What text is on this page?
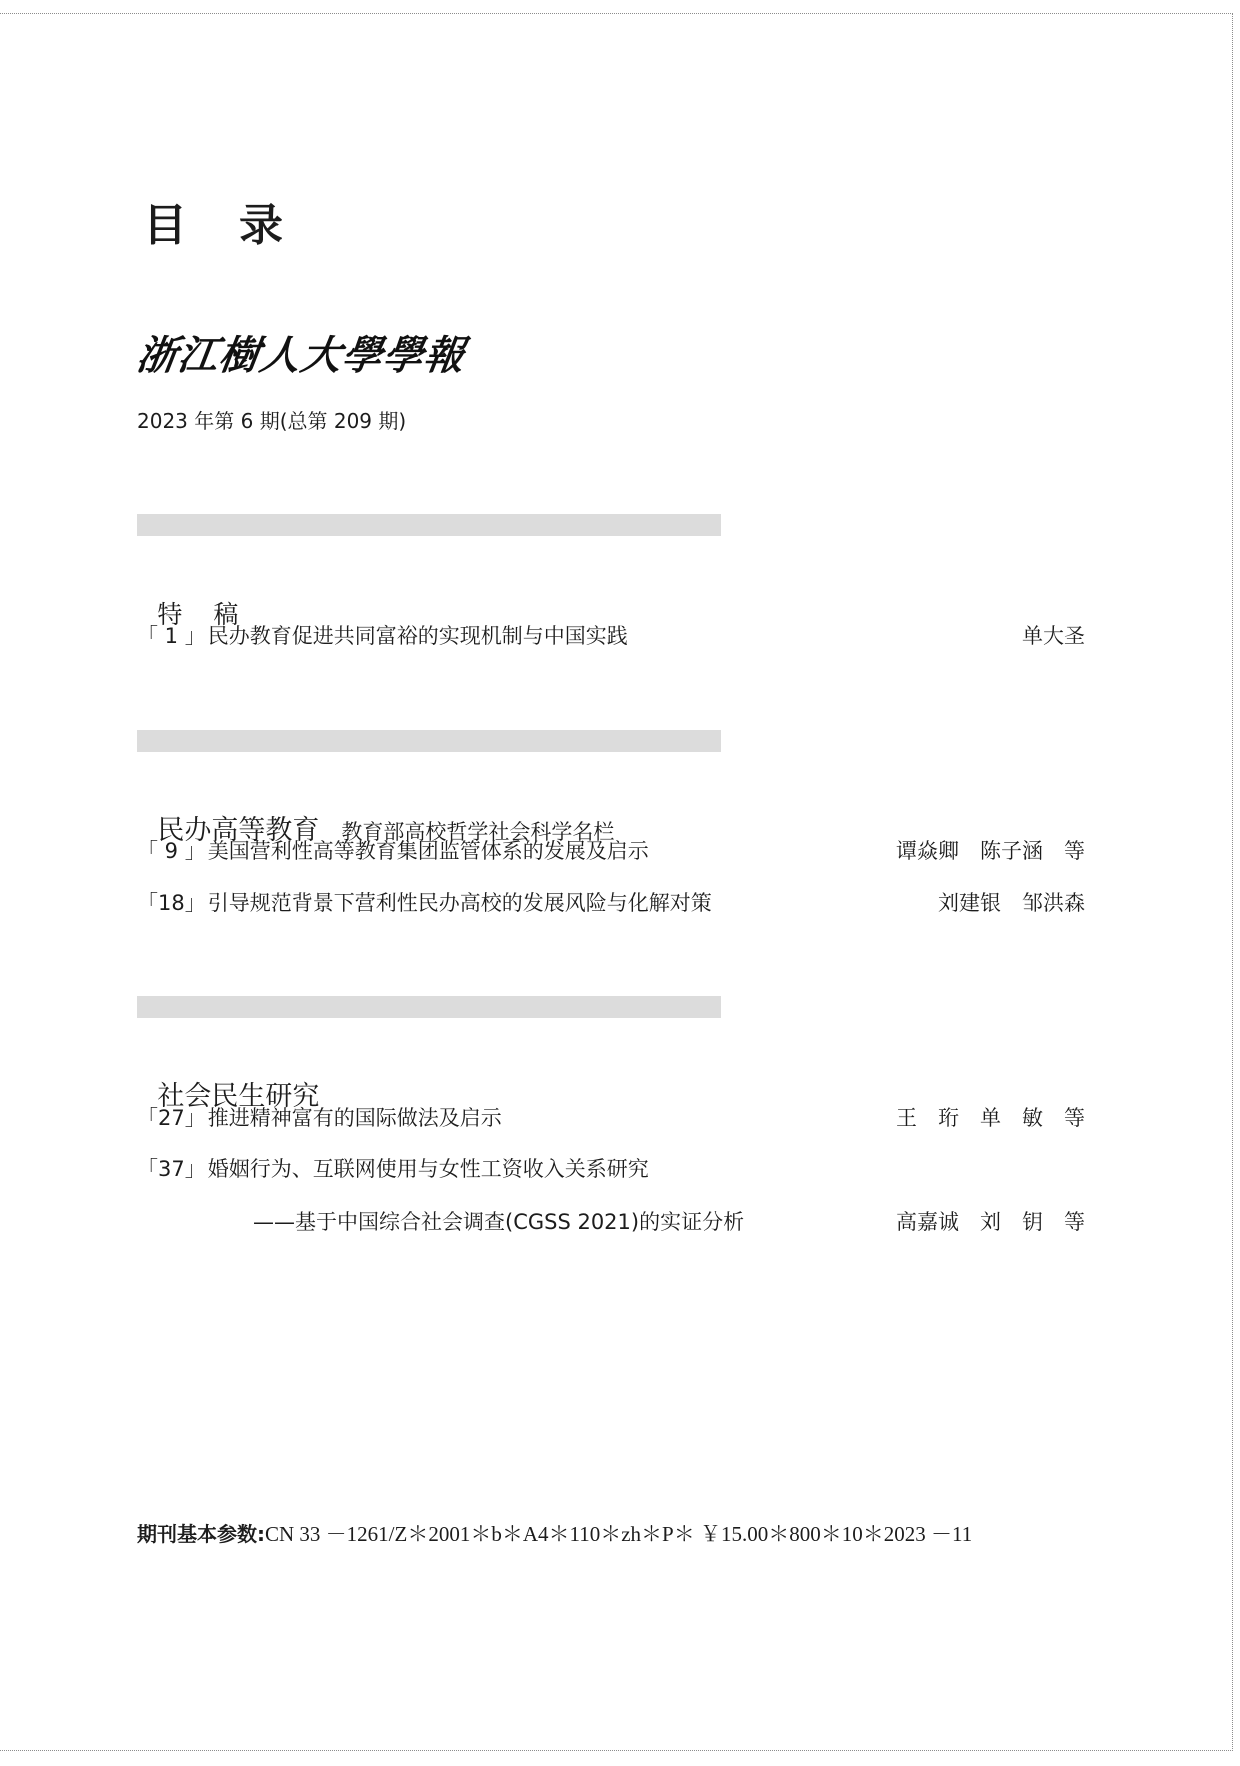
目　录
浙江樹人大學學報
2023 年第 6 期(总第 209 期)

特　稿

「 1 」民办教育促进共同富裕的实现机制与中国实践	单大圣

民办高等教育 教育部高校哲学社会科学名栏

「 9 」美国营利性高等教育集团监管体系的发展及启示	谭焱卿　陈子涵　等
「18」引导规范背景下营利性民办高校的发展风险与化解对策	刘建银　邹洪森

社会民生研究

「27」推进精神富有的国际做法及启示	王　珩　单　敏　等
「37」婚姻行为、互联网使用与女性工资收入关系研究
——基于中国综合社会调查(CGSS 2021)的实证分析	高嘉诚　刘　钥　等
期刊基本参数:CN 33 －1261/Z＊2001＊b＊A4＊110＊zh＊P＊ ￥15.00＊800＊10＊2023 －11
